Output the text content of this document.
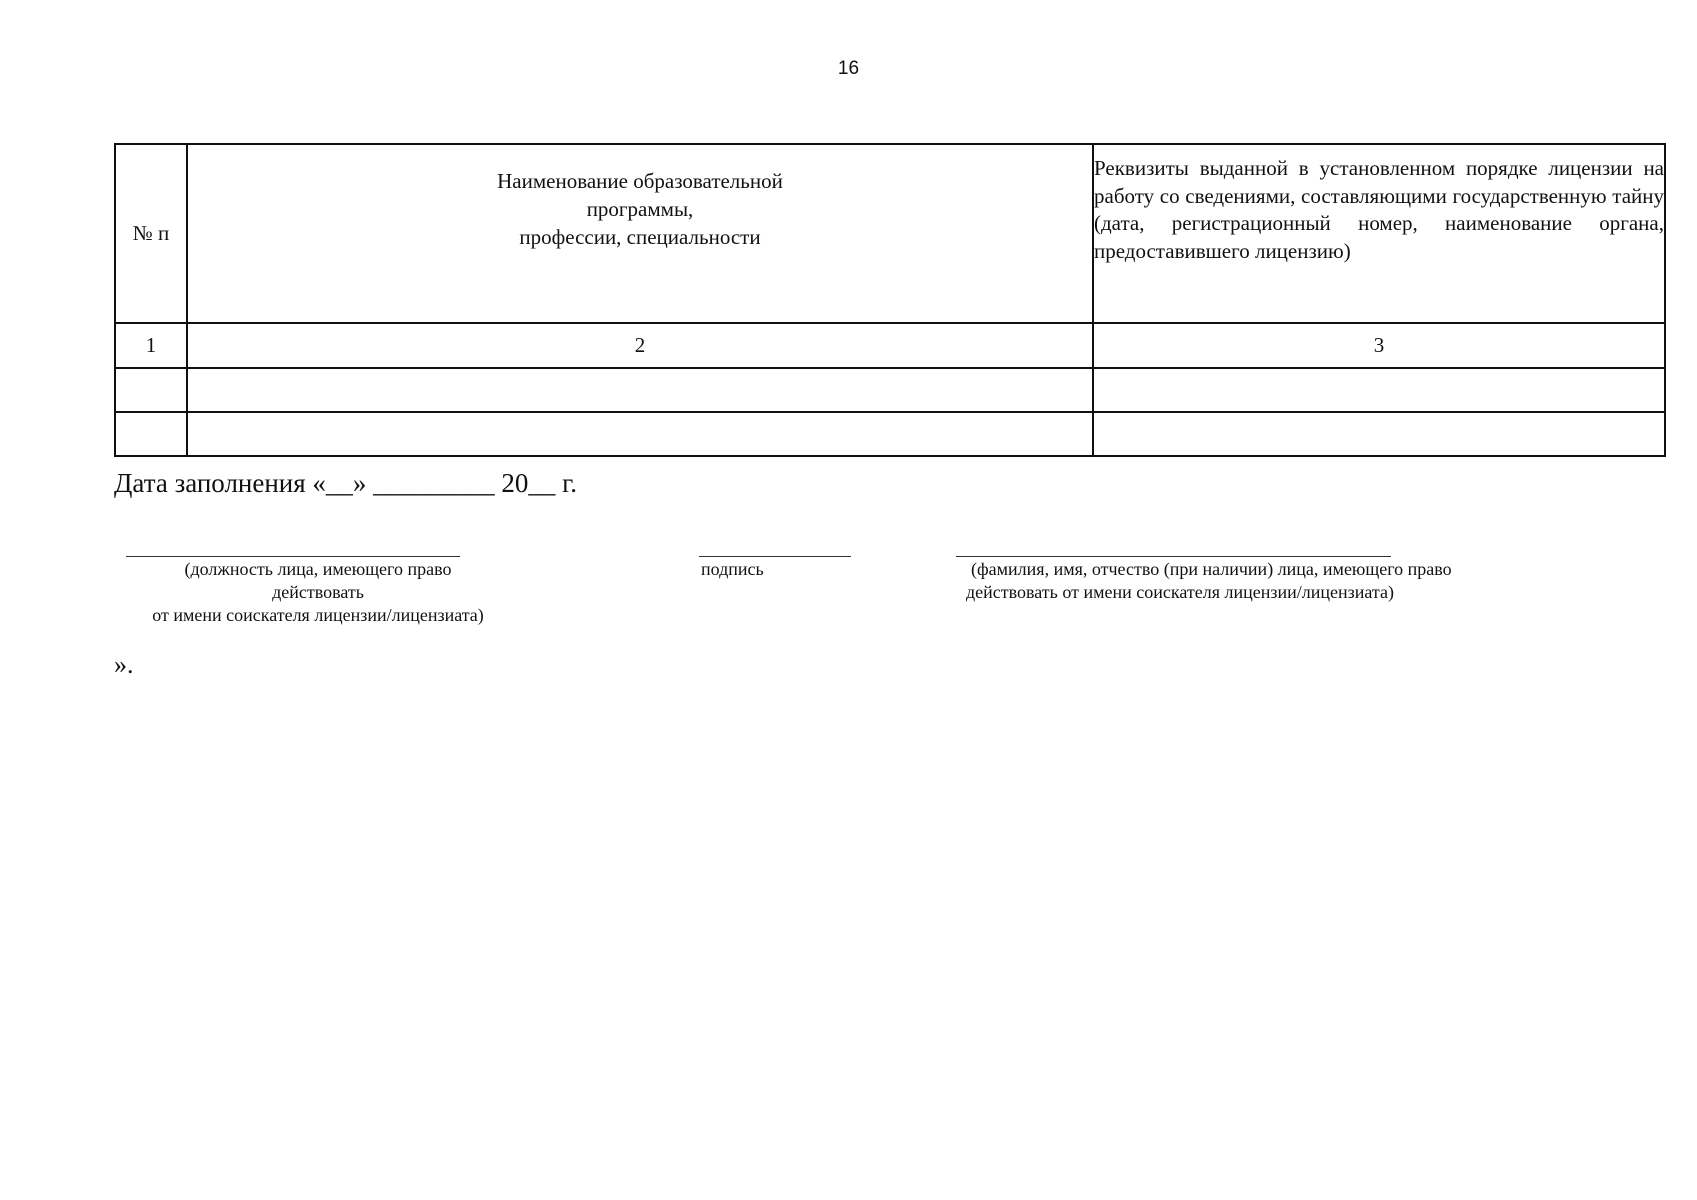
16
№ п	Наименование образовательной
программы,
профессии, специальности	Реквизиты выданной в установленном порядке лицензии на работу со сведениями, составляющими государственную тайну (дата, регистрационный номер, наименование органа, предоставившего лицензию)
1	2	3

Дата заполнения «__» _________ 20__ г.
(должность лица, имеющего право
действовать
от имени соискателя лицензии/лицензиата)
подпись	(фамилия, имя, отчество (при наличии) лица, имеющего право
действовать от имени соискателя лицензии/лицензиата)
».
